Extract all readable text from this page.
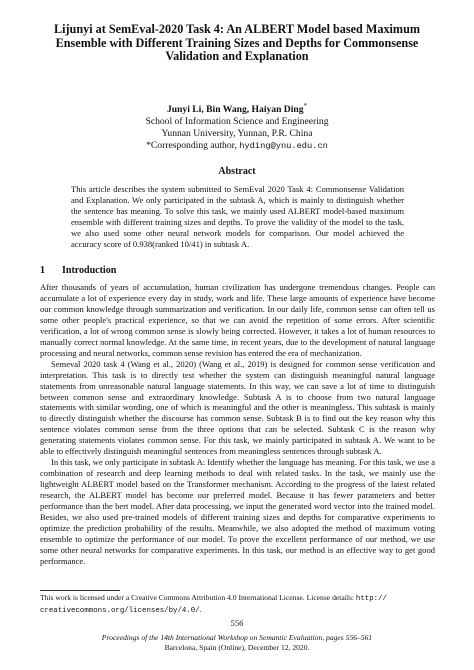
Lijunyi at SemEval-2020 Task 4: An ALBERT Model based Maximum
Ensemble with Different Training Sizes and Depths for Commonsense
Validation and Explanation
Junyi Li, Bin Wang, Haiyan Ding*
School of Information Science and Engineering
Yunnan University, Yunnan, P.R. China
*Corresponding author, hyding@ynu.edu.cn
Abstract
This article describes the system submitted to SemEval 2020 Task 4: Commonsense Validation and Explanation. We only participated in the subtask A, which is mainly to distinguish whether the sentence has meaning. To solve this task, we mainly used ALBERT model-based maximum ensemble with different training sizes and depths. To prove the validity of the model to the task, we also used some other neural network models for comparison. Our model achieved the accuracy score of 0.938(ranked 10/41) in subtask A.
1 Introduction

After thousands of years of accumulation, human civilization has undergone tremendous changes. People can accumulate a lot of experience every day in study, work and life. These large amounts of experience have become our common knowledge through summarization and verification. In our daily life, common sense can often tell us some other people's practical experience, so that we can avoid the repetition of some errors. After scientific verification, a lot of wrong common sense is slowly being corrected. However, it takes a lot of human resources to manually correct normal knowledge. At the same time, in recent years, due to the development of natural language processing and neural networks, common sense revision has entered the era of mechanization.

Semeval 2020 task 4 (Wang et al., 2020) (Wang et al., 2019) is designed for common sense verification and interpretation. This task is to directly test whether the system can distinguish meaningful natural language statements from unreasonable natural language statements. In this way, we can save a lot of time to distinguish between common sense and extraordinary knowledge. Subtask A is to choose from two natural language statements with similar wording, one of which is meaningful and the other is meaningless. This subtask is mainly to directly distinguish whether the discourse has common sense. Subtask B is to find out the key reason why this sentence violates common sense from the three options that can be selected. Subtask C is the reason why generating statements violates common sense. For this task, we mainly participated in subtask A. We want to be able to effectively distinguish meaningful sentences from meaningless sentences through subtask A.

In this task, we only participate in subtask A: Identify whether the language has meaning. For this task, we use a combination of research and deep learning methods to deal with related tasks. In the task, we mainly use the lightweight ALBERT model based on the Transformer mechanism. According to the progress of the latest related research, the ALBERT model has become our preferred model. Because it has fewer parameters and better performance than the bert model. After data processing, we input the generated word vector into the trained model. Besides, we also used pre-trained models of different training sizes and depths for comparative experiments to optimize the prediction probability of the results. Meanwhile, we also adopted the method of maximum voting ensemble to optimize the performance of our model. To prove the excellent performance of our method, we use some other neural networks for comparative experiments. In this task, our method is an effective way to get good performance.

This work is licensed under a Creative Commons Attribution 4.0 International License. License details: http://
creativecommons.org/licenses/by/4.0/.
556
Proceedings of the 14th International Workshop on Semantic Evaluation, pages 556–561
Barcelona, Spain (Online), December 12, 2020.
